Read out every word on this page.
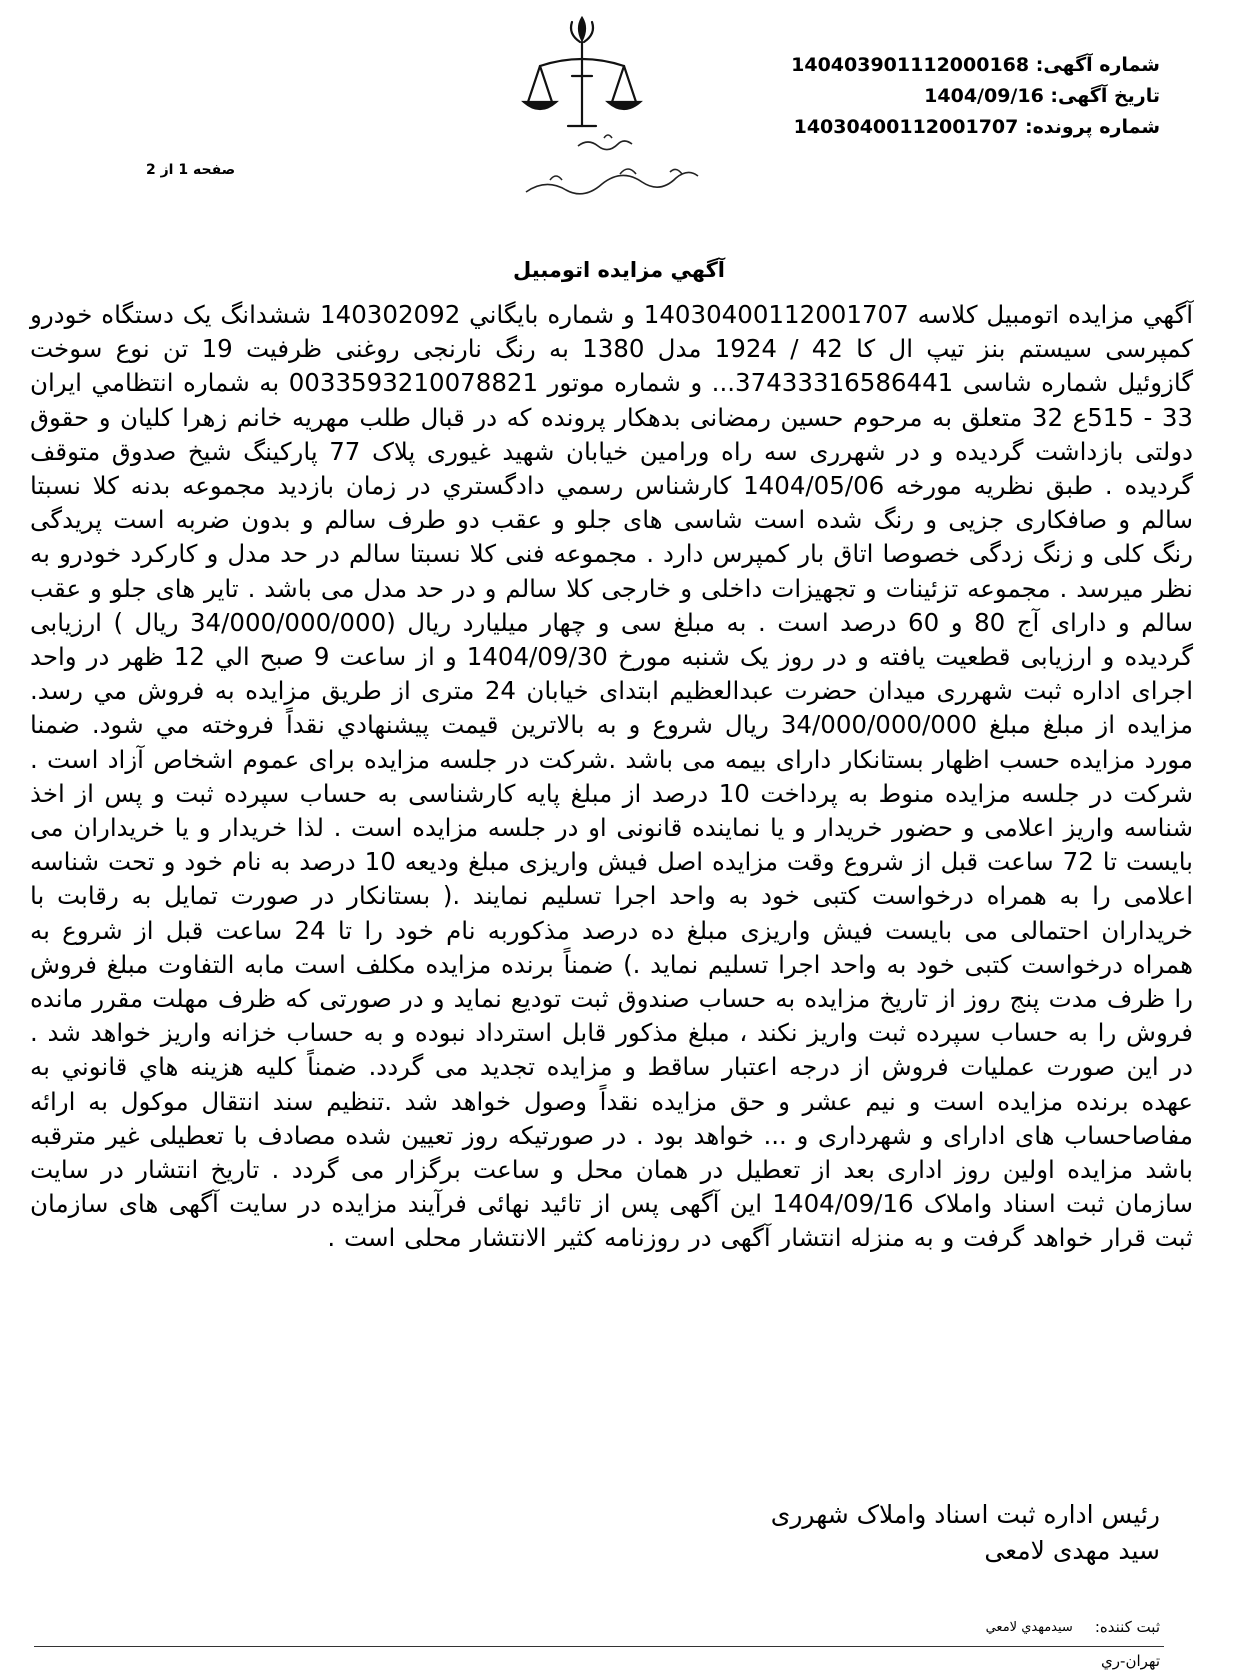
شماره آگهی: 140403901112000168
تاریخ آگهی: 1404/09/16
شماره پرونده: 14030400112001707
صفحه 1 از 2
آگهي مزايده اتومبيل

آگهي مزايده اتومبيل كلاسه 14030400112001707 و شماره بايگاني 140302092 ششدانگ یک دستگاه خودرو کمپرسی سیستم بنز تیپ ال کا 42 / 1924 مدل 1380 به رنگ نارنجی روغنی ظرفیت 19 تن نوع سوخت گازوئیل شماره شاسی 37433316586441... و شماره موتور 003359321007882​1 به شماره انتظامي ايران 33 - 515ع 32 متعلق به مرحوم حسین رمضانی بدهکار پرونده که در قبال طلب مهریه خانم زهرا کلیان و حقوق دولتی بازداشت گردیده و در شهرری سه راه ورامین خیابان شهید غیوری پلاک 77 پارکینگ شیخ صدوق متوقف گردیده . طبق نظریه مورخه 1404/05/06 كارشناس رسمي دادگستري در زمان بازدید مجموعه بدنه کلا نسبتا سالم و صافکاری جزیی و رنگ شده است شاسی های جلو و عقب دو طرف سالم و بدون ضربه است پریدگی رنگ کلی و زنگ زدگی خصوصا اتاق بار کمپرس دارد . مجموعه فنی کلا نسبتا سالم در حد مدل و کارکرد خودرو به نظر میرسد . مجموعه تزئینات و تجهیزات داخلی و خارجی کلا سالم و در حد مدل می باشد . تایر های جلو و عقب سالم و دارای آج 80 و 60 درصد است . به مبلغ سی و چهار میلیارد ریال (34/000/000/000 ریال ) ارزیابی گردیده و ارزیابی قطعیت یافته و در روز یک شنبه مورخ 1404/09/30 و از ساعت 9 صبح الي 12 ظهر در واحد اجرای اداره ثبت شهرری میدان حضرت عبدالعظیم ابتدای خیابان 24 متری از طريق مزايده به فروش مي رسد. مزايده از مبلغ مبلغ 34/000/000/000 ريال شروع و به بالاترين قيمت پيشنهادي نقداً فروخته مي شود. ضمنا مورد مزایده حسب اظهار بستانکار دارای بیمه می باشد .شرکت در جلسه مزایده برای عموم اشخاص آزاد است . شرکت در جلسه مزایده منوط به پرداخت 10 درصد از مبلغ پایه کارشناسی به حساب سپرده ثبت و پس از اخذ شناسه واریز اعلامی و حضور خریدار و یا نماینده قانونی او در جلسه مزایده است . لذا خریدار و یا خریداران می بایست تا 72 ساعت قبل از شروع وقت مزایده اصل فیش واریزی مبلغ ودیعه 10 درصد به نام خود و تحت شناسه اعلامی را به همراه درخواست کتبی خود به واحد اجرا تسلیم نمایند .( بستانکار در صورت تمایل به رقابت با خریداران احتمالی می بایست فیش واریزی مبلغ ده درصد مذکوربه نام خود را تا 24 ساعت قبل از شروع به همراه درخواست کتبی خود به واحد اجرا تسلیم نماید .) ضمناً برنده مزایده مکلف است مابه التفاوت مبلغ فروش را ظرف مدت پنج روز از تاریخ مزایده به حساب صندوق ثبت تودیع نماید و در صورتی که ظرف مهلت مقرر مانده فروش را به حساب سپرده ثبت واریز نکند ، مبلغ مذکور قابل استرداد نبوده و به حساب خزانه واریز خواهد شد . در این صورت عملیات فروش از درجه اعتبار ساقط و مزایده تجدید می گردد. ضمناً كليه هزينه هاي قانوني به عهده برنده مزايده است و نیم عشر و حق مزایده نقداً وصول خواهد شد .تنظیم سند انتقال موکول به ارائه مفاصاحساب های ادارای و شهرداری و ... خواهد بود . در صورتیکه روز تعیین شده مصادف با تعطیلی غیر مترقبه باشد مزایده اولین روز اداری بعد از تعطیل در همان محل و ساعت برگزار می گردد . تاريخ انتشار در سايت سازمان ثبت اسناد واملاک 1404/09/16 اين آگهی پس از تائيد نهائی فرآيند مزايده در سايت آگهی های سازمان ثبت قرار خواهد گرفت و به منزله انتشار آگهی در روزنامه کثير الانتشار محلی است .

رئیس اداره ثبت اسناد واملاک شهرری
سید مهدی لامعی
ثبت کننده:
سيدمهدي لامعي
تهران-ري
